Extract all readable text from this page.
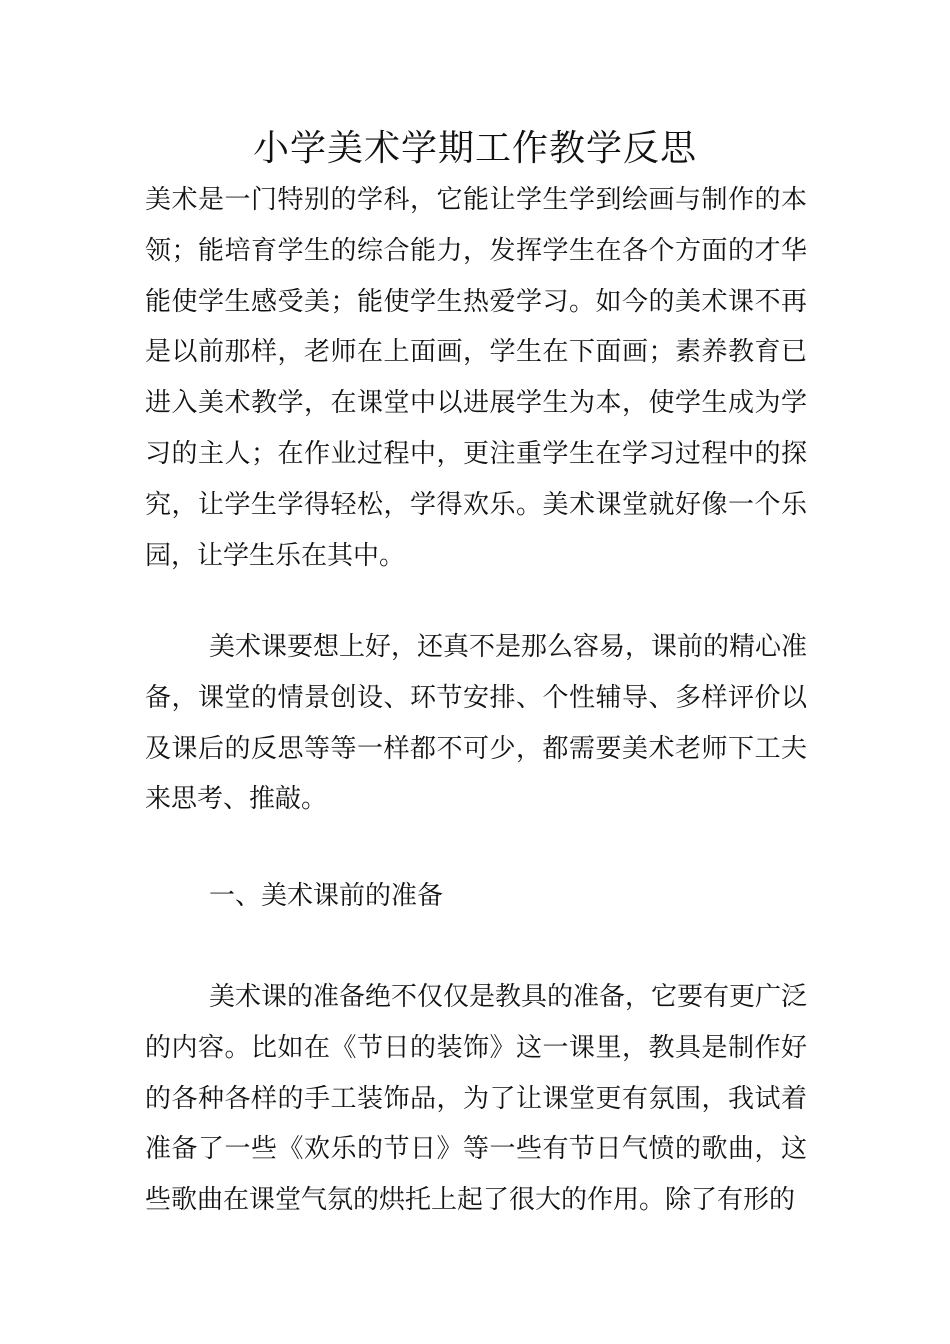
小学美术学期工作教学反思

美术是一门特别的学科，它能让学生学到绘画与制作的本领；能培育学生的综合能力，发挥学生在各个方面的才华能使学生感受美；能使学生热爱学习。如今的美术课不再是以前那样，老师在上面画，学生在下面画；素养教育已进入美术教学，在课堂中以进展学生为本，使学生成为学习的主人；在作业过程中，更注重学生在学习过程中的探究，让学生学得轻松，学得欢乐。美术课堂就好像一个乐园，让学生乐在其中。

美术课要想上好，还真不是那么容易，课前的精心准备，课堂的情景创设、环节安排、个性辅导、多样评价以及课后的反思等等一样都不可少，都需要美术老师下工夫来思考、推敲。

一、美术课前的准备

美术课的准备绝不仅仅是教具的准备，它要有更广泛的内容。比如在《节日的装饰》这一课里，教具是制作好的各种各样的手工装饰品，为了让课堂更有氛围，我试着准备了一些《欢乐的节日》等一些有节日气愤的歌曲，这些歌曲在课堂气氛的烘托上起了很大的作用。除了有形的
